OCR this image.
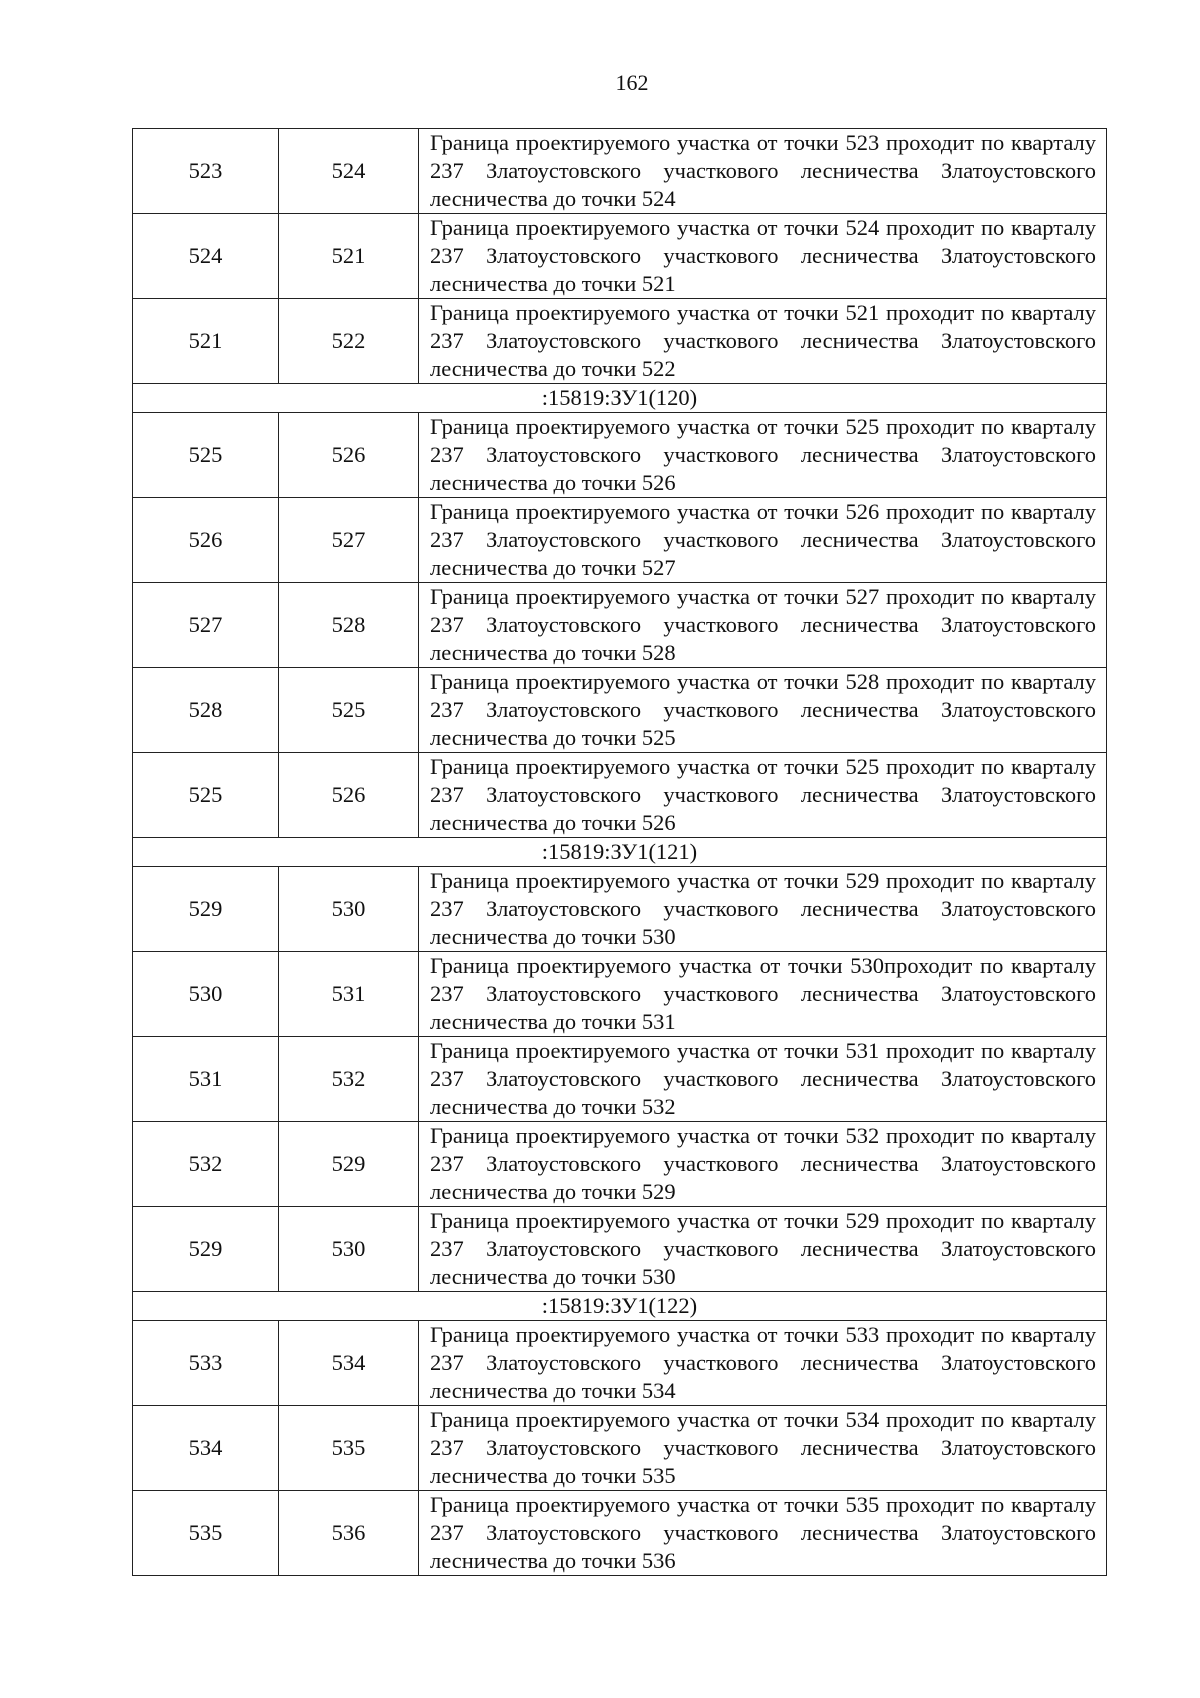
162
523	524	Граница проектируемого участка от точки 523 проходит по кварталу 237 Златоустовского участкового лесничества Златоустовского лесничества до точки 524
524	521	Граница проектируемого участка от точки 524 проходит по кварталу 237 Златоустовского участкового лесничества Златоустовского лесничества до точки 521
521	522	Граница проектируемого участка от точки 521 проходит по кварталу 237 Златоустовского участкового лесничества Златоустовского лесничества до точки 522
:15819:ЗУ1(120)		
525	526	Граница проектируемого участка от точки 525 проходит по кварталу 237 Златоустовского участкового лесничества Златоустовского лесничества до точки 526
526	527	Граница проектируемого участка от точки 526 проходит по кварталу 237 Златоустовского участкового лесничества Златоустовского лесничества до точки 527
527	528	Граница проектируемого участка от точки 527 проходит по кварталу 237 Златоустовского участкового лесничества Златоустовского лесничества до точки 528
528	525	Граница проектируемого участка от точки 528 проходит по кварталу 237 Златоустовского участкового лесничества Златоустовского лесничества до точки 525
525	526	Граница проектируемого участка от точки 525 проходит по кварталу 237 Златоустовского участкового лесничества Златоустовского лесничества до точки 526
:15819:ЗУ1(121)		
529	530	Граница проектируемого участка от точки 529 проходит по кварталу 237 Златоустовского участкового лесничества Златоустовского лесничества до точки 530
530	531	Граница проектируемого участка от точки 530проходит по кварталу 237 Златоустовского участкового лесничества Златоустовского лесничества до точки 531
531	532	Граница проектируемого участка от точки 531 проходит по кварталу 237 Златоустовского участкового лесничества Златоустовского лесничества до точки 532
532	529	Граница проектируемого участка от точки 532 проходит по кварталу 237 Златоустовского участкового лесничества Златоустовского лесничества до точки 529
529	530	Граница проектируемого участка от точки 529 проходит по кварталу 237 Златоустовского участкового лесничества Златоустовского лесничества до точки 530
:15819:ЗУ1(122)		
533	534	Граница проектируемого участка от точки 533 проходит по кварталу 237 Златоустовского участкового лесничества Златоустовского лесничества до точки 534
534	535	Граница проектируемого участка от точки 534 проходит по кварталу 237 Златоустовского участкового лесничества Златоустовского лесничества до точки 535
535	536	Граница проектируемого участка от точки 535 проходит по кварталу 237 Златоустовского участкового лесничества Златоустовского лесничества до точки 536
